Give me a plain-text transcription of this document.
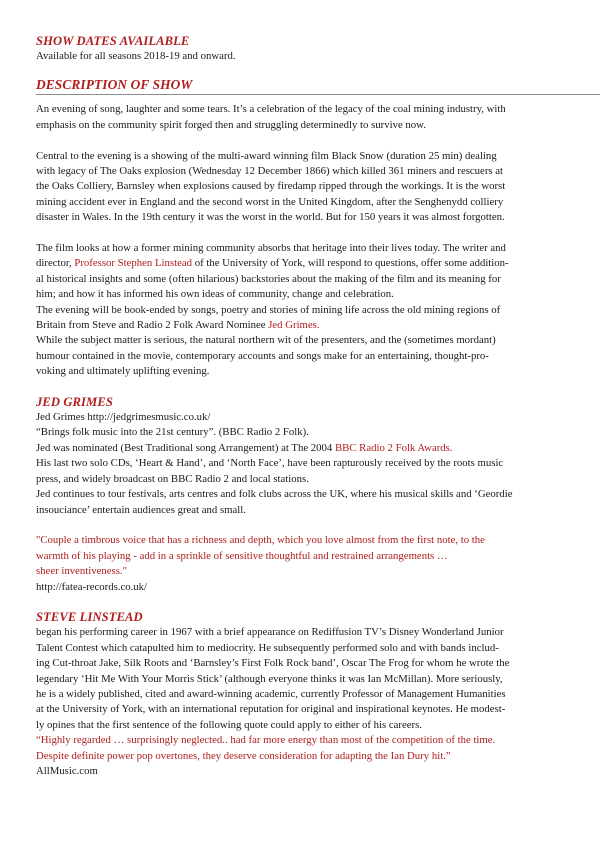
SHOW DATES AVAILABLE

Available for all seasons 2018-19 and onward.

DESCRIPTION OF SHOW

An evening of song, laughter and some tears. It’s a celebration of the legacy of the coal mining industry, with
emphasis on the community spirit forged then and struggling determinedly to survive now.

Central to the evening is a showing of the multi-award winning film Black Snow (duration 25 min) dealing
with legacy of The Oaks explosion (Wednesday 12 December 1866) which killed 361 miners and rescuers at
the Oaks Colliery, Barnsley when explosions caused by firedamp ripped through the workings. It is the worst
mining accident ever in England and the second worst in the United Kingdom, after the Senghenydd colliery
disaster in Wales. In the 19th century it was the worst in the world. But for 150 years it was almost forgotten.

The film looks at how a former mining community absorbs that heritage into their lives today. The writer and
director, Professor Stephen Linstead of the University of York, will respond to questions, offer some addition-
al historical insights and some (often hilarious) backstories about the making of the film and its meaning for
him; and how it has informed his own ideas of community, change and celebration.
The evening will be book-ended by songs, poetry and stories of mining life across the old mining regions of
Britain from Steve and Radio 2 Folk Award Nominee Jed Grimes.
While the subject matter is serious, the natural northern wit of the presenters, and the (sometimes mordant)
humour contained in the movie, contemporary accounts and songs make for an entertaining, thought-pro-
voking and ultimately uplifting evening.

JED GRIMES

Jed Grimes http://jedgrimesmusic.co.uk/
“Brings folk music into the 21st century”. (BBC Radio 2 Folk).
Jed was nominated (Best Traditional song Arrangement) at The 2004 BBC Radio 2 Folk Awards.
His last two solo CDs, ‘Heart & Hand’, and ‘North Face’, have been rapturously received by the roots music
press, and widely broadcast on BBC Radio 2 and local stations.
Jed continues to tour festivals, arts centres and folk clubs across the UK, where his musical skills and ‘Geordie
insouciance’ entertain audiences great and small.

"Couple a timbrous voice that has a richness and depth, which you love almost from the first note, to the
warmth of his playing - add in a sprinkle of sensitive thoughtful and restrained arrangements …
sheer inventiveness."

http://fatea-records.co.uk/

STEVE LINSTEAD

began his performing career in 1967 with a brief appearance on Rediffusion TV’s Disney Wonderland Junior
Talent Contest which catapulted him to mediocrity. He subsequently performed solo and with bands includ-
ing Cut-throat Jake, Silk Roots and ‘Barnsley’s First Folk Rock band’, Oscar The Frog for whom he wrote the
legendary ‘Hit Me With Your Morris Stick’ (although everyone thinks it was Ian McMillan). More seriously,
he is a widely published, cited and award-winning academic, currently Professor of Management Humanities
at the University of York, with an international reputation for original and inspirational keynotes. He modest-
ly opines that the first sentence of the following quote could apply to either of his careers.

“Highly regarded … surprisingly neglected.. had far more energy than most of the competition of the time.
Despite definite power pop overtones, they deserve consideration for adapting the Ian Dury hit.”

AllMusic.com
